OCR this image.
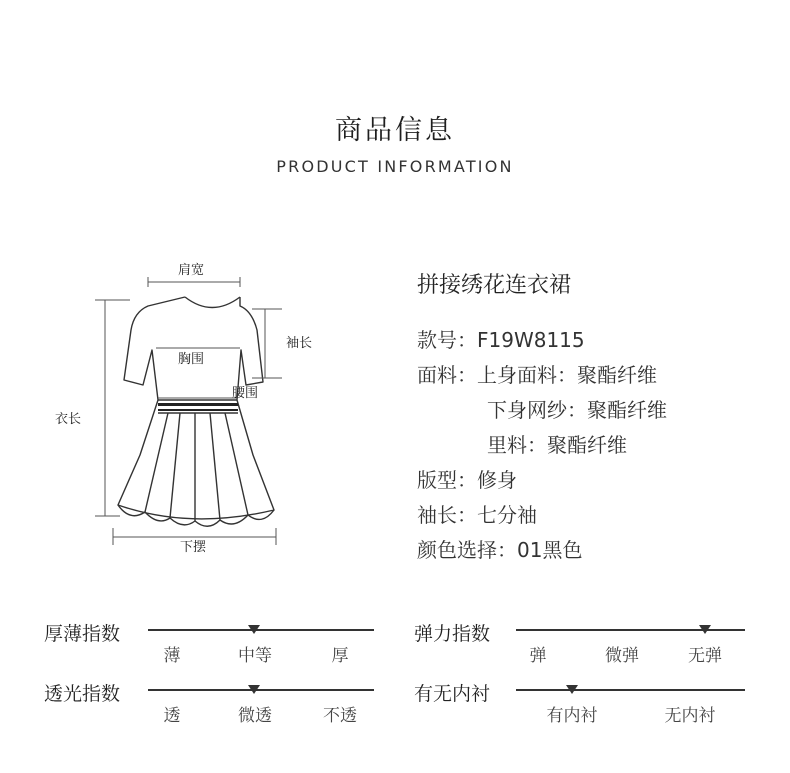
商品信息
PRODUCT INFORMATION
肩宽
袖长
胸围
腰围
衣长
下摆
拼接绣花连衣裙
款号：F19W8115
面料：上身面料：聚酯纤维
下身网纱：聚酯纤维
里料：聚酯纤维
版型：修身
袖长：七分袖
颜色选择：01黑色
厚薄指数
薄	中等	厚
弹力指数
弹	微弹	无弹
透光指数
透	微透	不透
有无内衬
有内衬	无内衬
